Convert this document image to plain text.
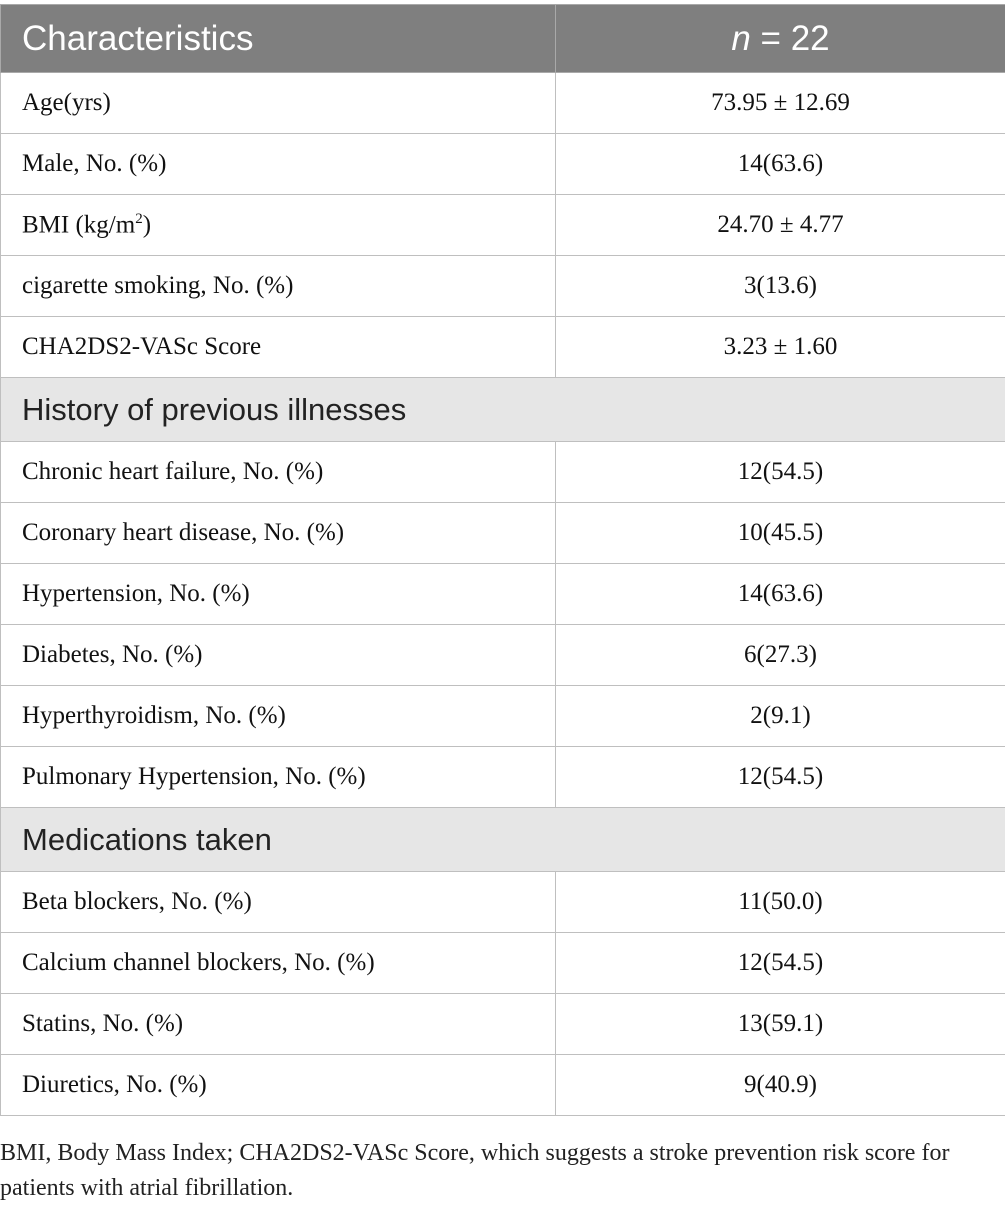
Characteristics	n = 22
Age(yrs)	73.95 ± 12.69
Male, No. (%)	14(63.6)
BMI $(kg/m^2)$	24.70 ± 4.77
cigarette smoking, No. (%)	3(13.6)
CHA2DS2-VASc Score	3.23 ± 1.60
History of previous illnesses	
Chronic heart failure, No. (%)	12(54.5)
Coronary heart disease, No. (%)	10(45.5)
Hypertension, No. (%)	14(63.6)
Diabetes, No. (%)	6(27.3)
Hyperthyroidism, No. (%)	2(9.1)
Pulmonary Hypertension, No. (%)	12(54.5)
Medications taken	
Beta blockers, No. (%)	11(50.0)
Calcium channel blockers, No. (%)	12(54.5)
Statins, No. (%)	13(59.1)
Diuretics, No. (%)	9(40.9)
BMI, Body Mass Index; CHA2DS2-VASc Score, which suggests a stroke prevention risk score for patients with atrial fibrillation.
